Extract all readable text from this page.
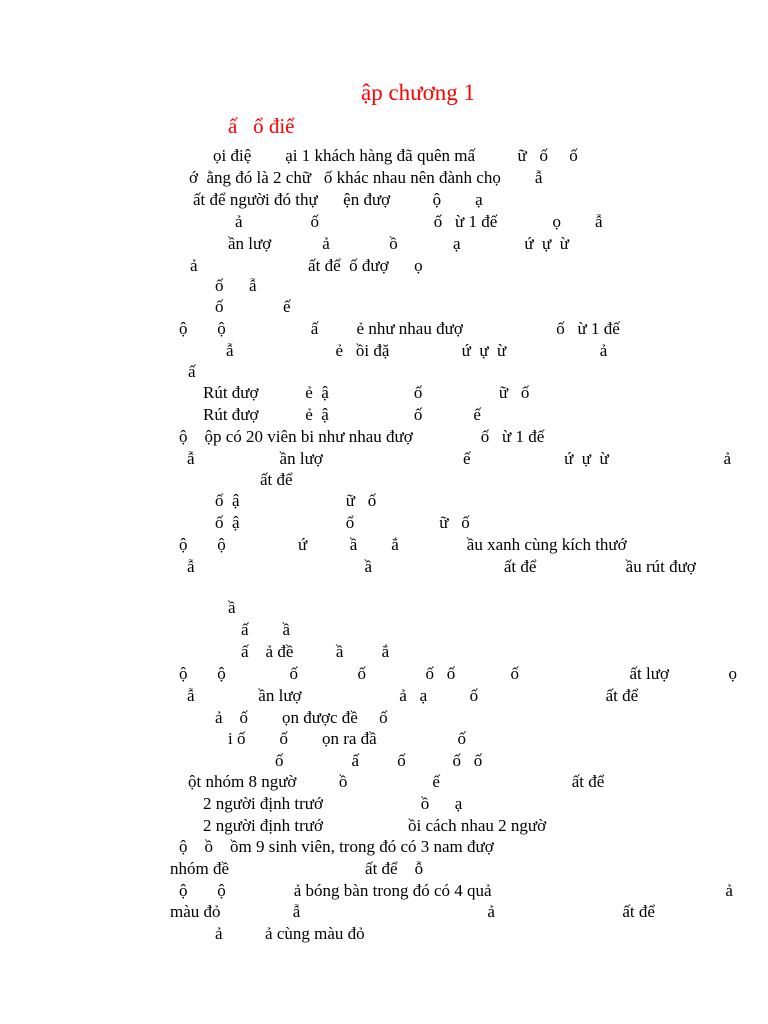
ập chương 1
ấ   ổ điể
ọi điệ        ại 1 khách hàng đã quên mấ          ữ   ố     ố
ớ  ằng đó là 2 chữ   ố khác nhau nên đành chọ        ẫ
ất để người đó thự      ện đượ          ộ        ạ
ả                ố                           ố   ừ 1 đế             ọ        ẫ
ần lượ            ả              ồ             ạ               ứ  ự  ừ
ả                          ất để  ố đượ      ọ
ố      ẫ
ố              ế
ộ       ộ                    ấ         ẻ như nhau đượ                      ố   ừ 1 đế
ẫ                        ẻ   ồi đặ                 ứ  ự  ừ                      ả
ấ
Rút đượ           ẻ  ậ                    ố                  ữ   ố
Rút đượ           ẻ  ậ                    ố            ế
ộ    ộp có 20 viên bi như nhau đượ                ố   ừ 1 đế
ẫ                    ần lượ                                 ế                      ứ  ự  ừ                           ả
ất để
ố  ậ                         ữ   ố
ố  ậ                         ổ                    ữ   ố
ộ       ộ                 ứ          ầ        ắ                ầu xanh cùng kích thướ
ẫ                                        ầ                               ất để                     ầu rút đượ
ầ
ấ        ầ
ấ    ả đề          ầ         ắ
ộ       ộ               ố              ố              ố   ố             ố                          ất lượ              ọ
ẫ               ần lượ                       ả   ạ          ố                              ất để
ả    ố        ọn được đề     ố
i ố        ố        ọn ra đầ                   ố
ố                ấ         ố           ố   ố
ột nhóm 8 ngườ          ồ                    ế                               ất để
2 người định trướ                       ồ      ạ
2 người định trướ                    ồi cách nhau 2 ngườ
ộ    ồ    ồm 9 sinh viên, trong đó có 3 nam đượ
nhóm đề                                ất để    ỗ
ộ       ộ                ả bóng bàn trong đó có 4 quả                                                       ả
màu đỏ                 ẫ                                            ả                              ất để
ả          ả cùng màu đỏ
